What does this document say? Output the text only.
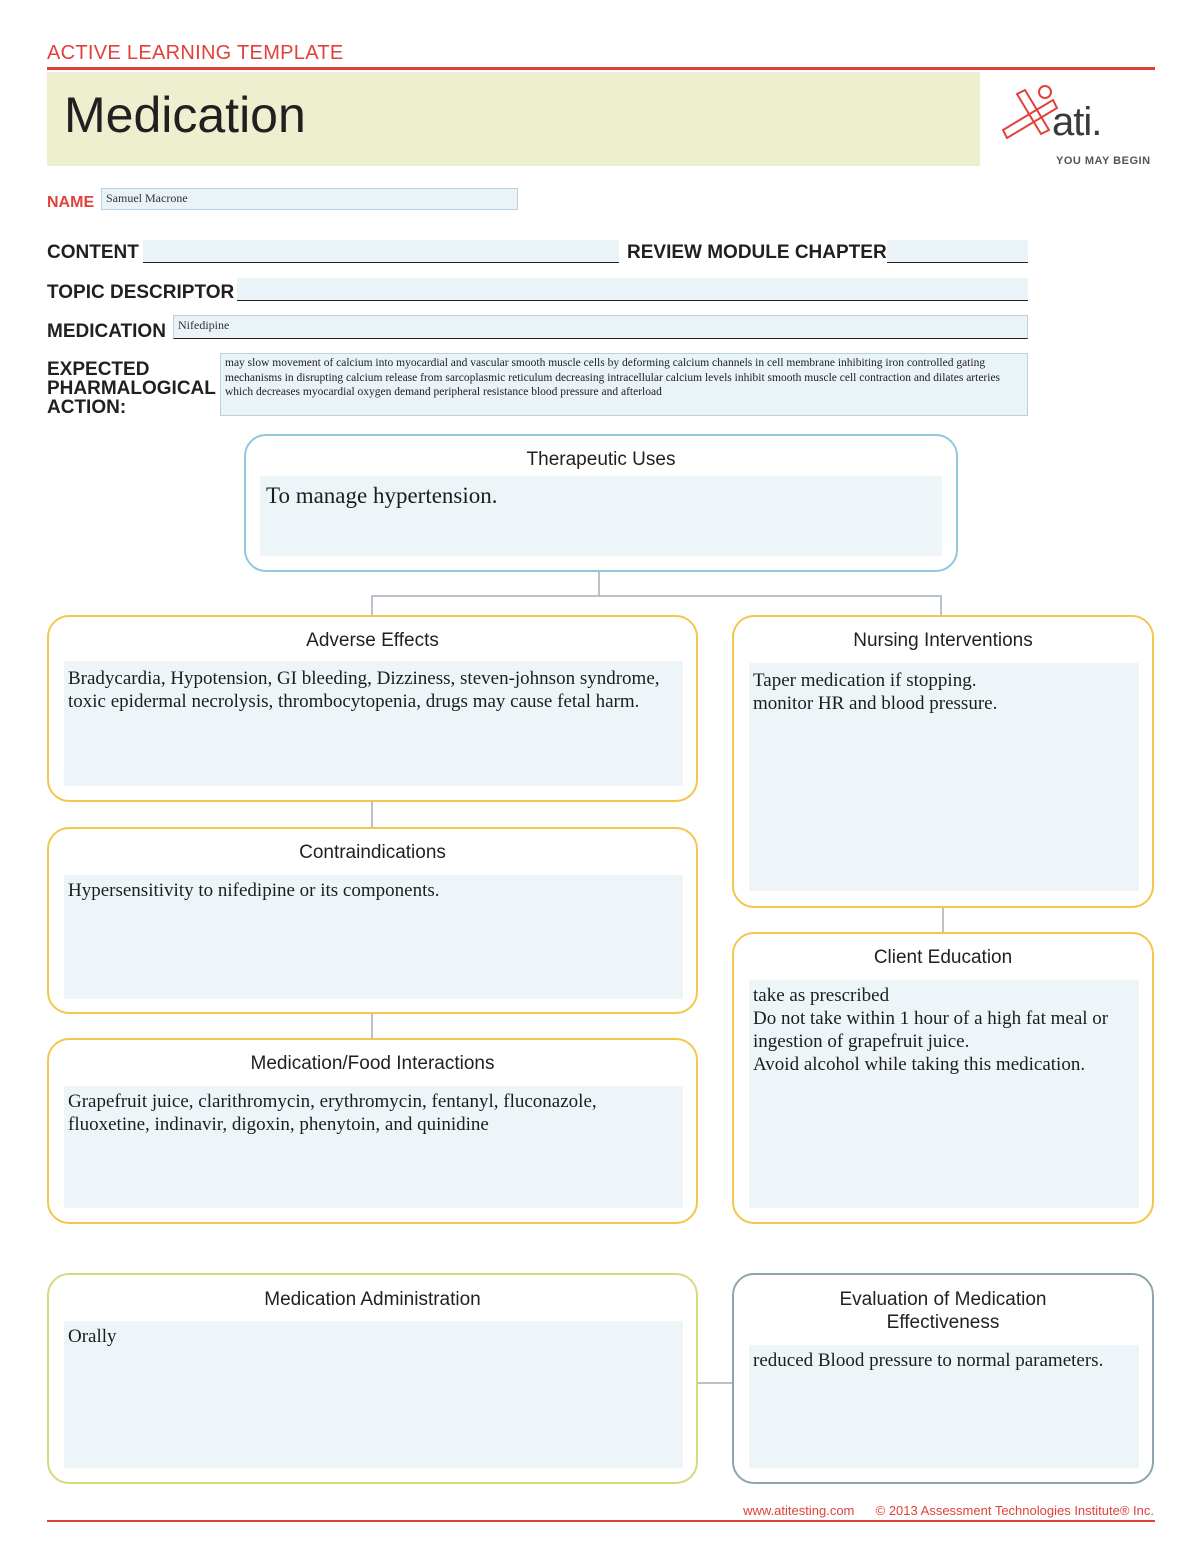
ACTIVE LEARNING TEMPLATE
Medication	ati.
YOU MAY BEGIN
NAME Samuel Macrone
CONTENT	REVIEW MODULE CHAPTER
TOPIC DESCRIPTOR
MEDICATION	Nifedipine
EXPECTED
PHARMALOGICAL
ACTION:
may slow movement of calcium into myocardial and vascular smooth muscle cells by deforming calcium channels in cell membrane inhibiting iron controlled gating mechanisms in disrupting calcium release from sarcoplasmic reticulum decreasing intracellular calcium levels inhibit smooth muscle cell contraction and dilates arteries which decreases myocardial oxygen demand peripheral resistance blood pressure and afterload
Therapeutic Uses
To manage hypertension.
Adverse Effects
Bradycardia, Hypotension, GI bleeding, Dizziness, steven-johnson syndrome, toxic epidermal necrolysis, thrombocytopenia, drugs may cause fetal harm.
Nursing Interventions
Taper medication if stopping.
monitor HR and blood pressure.
Contraindications
Hypersensitivity to nifedipine or its components.
Client Education
take as prescribed
Do not take within 1 hour of a high fat meal or ingestion of grapefruit juice.
Avoid alcohol while taking this medication.
Medication/Food Interactions
Grapefruit juice, clarithromycin, erythromycin, fentanyl, fluconazole, fluoxetine, indinavir, digoxin, phenytoin, and quinidine
Medication Administration
Orally
Evaluation of Medication
Effectiveness
reduced Blood pressure to normal parameters.
www.atitesting.com © 2013 Assessment Technologies Institute® Inc.
